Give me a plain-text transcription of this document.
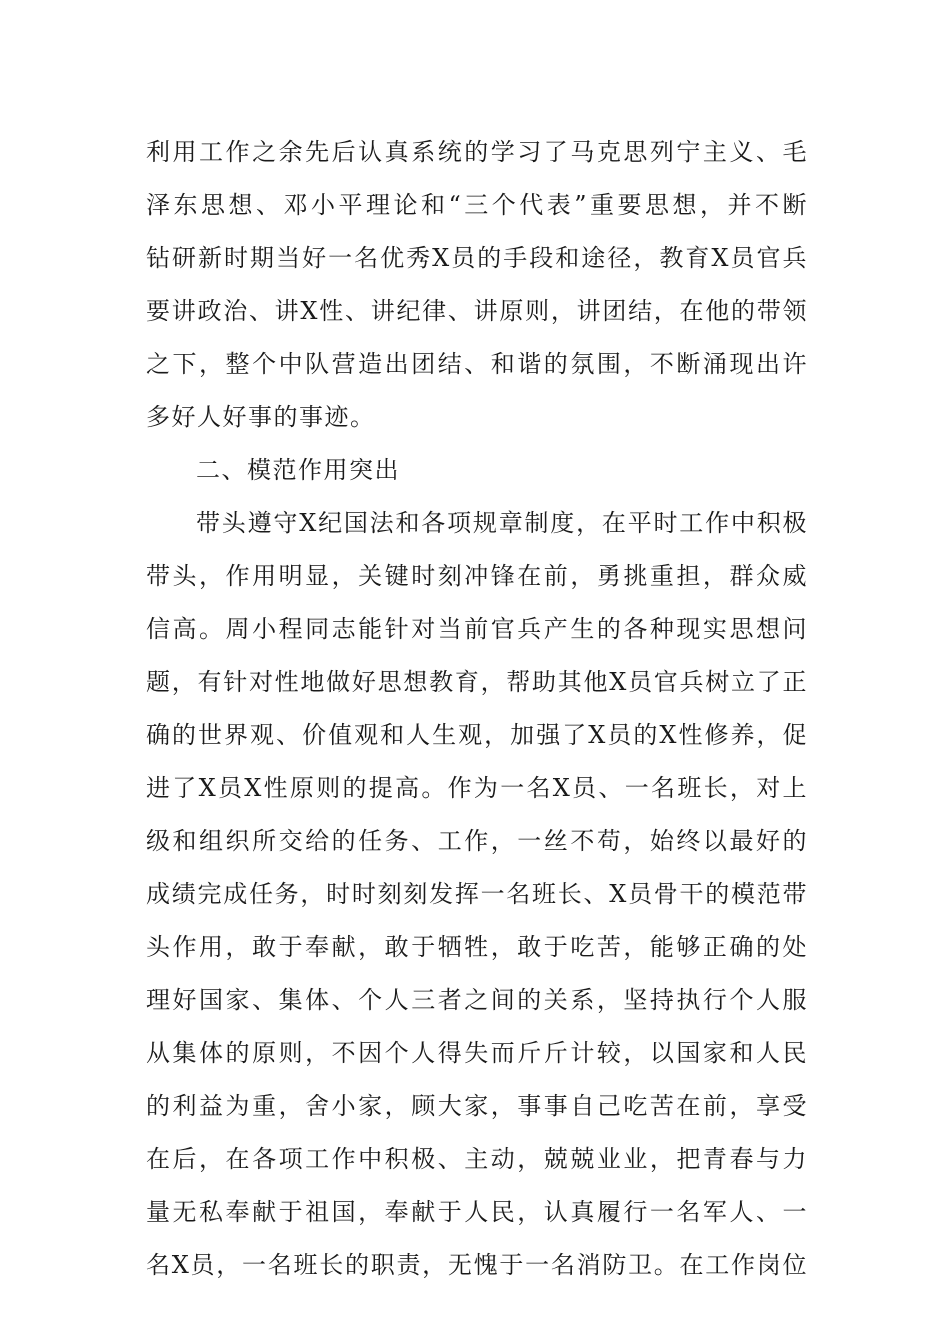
利用工作之余先后认真系统的学习了马克思列宁主义、毛
泽东思想、邓小平理论和“三个代表”重要思想，并不断
钻研新时期当好一名优秀X员的手段和途径，教育X员官兵
要讲政治、讲X性、讲纪律、讲原则，讲团结，在他的带领
之下，整个中队营造出团结、和谐的氛围，不断涌现出许
多好人好事的事迹。
二、模范作用突出
带头遵守X纪国法和各项规章制度，在平时工作中积极
带头，作用明显，关键时刻冲锋在前，勇挑重担，群众威
信高。周小程同志能针对当前官兵产生的各种现实思想问
题，有针对性地做好思想教育，帮助其他X员官兵树立了正
确的世界观、价值观和人生观，加强了X员的X性修养，促
进了X员X性原则的提高。作为一名X员、一名班长，对上
级和组织所交给的任务、工作，一丝不苟，始终以最好的
成绩完成任务，时时刻刻发挥一名班长、X员骨干的模范带
头作用，敢于奉献，敢于牺牲，敢于吃苦，能够正确的处
理好国家、集体、个人三者之间的关系，坚持执行个人服
从集体的原则，不因个人得失而斤斤计较，以国家和人民
的利益为重，舍小家，顾大家，事事自己吃苦在前，享受
在后，在各项工作中积极、主动，兢兢业业，把青春与力
量无私奉献于祖国，奉献于人民，认真履行一名军人、一
名X员，一名班长的职责，无愧于一名消防卫。在工作岗位
